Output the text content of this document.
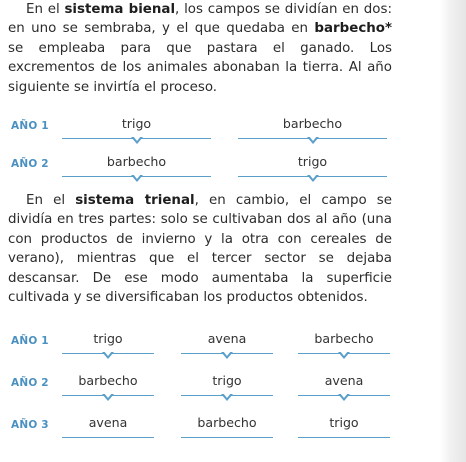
En el sistema bienal, los campos se dividían en dos: en uno se sembraba, y el que quedaba en barbecho* se empleaba para que pastara el ganado. Los excrementos de los animales abonaban la tierra. Al año siguiente se invirtía el proceso.

AÑO 1	trigo	barbecho
AÑO 2	barbecho	trigo

En el sistema trienal, en cambio, el campo se dividía en tres partes: solo se cultivaban dos al año (una con productos de invierno y la otra con cereales de verano), mientras que el tercer sector se dejaba descansar. De ese modo aumentaba la superficie cultivada y se diversificaban los productos obtenidos.

AÑO 1	trigo	avena	barbecho
AÑO 2	barbecho	trigo	avena
AÑO 3	avena	barbecho	trigo
